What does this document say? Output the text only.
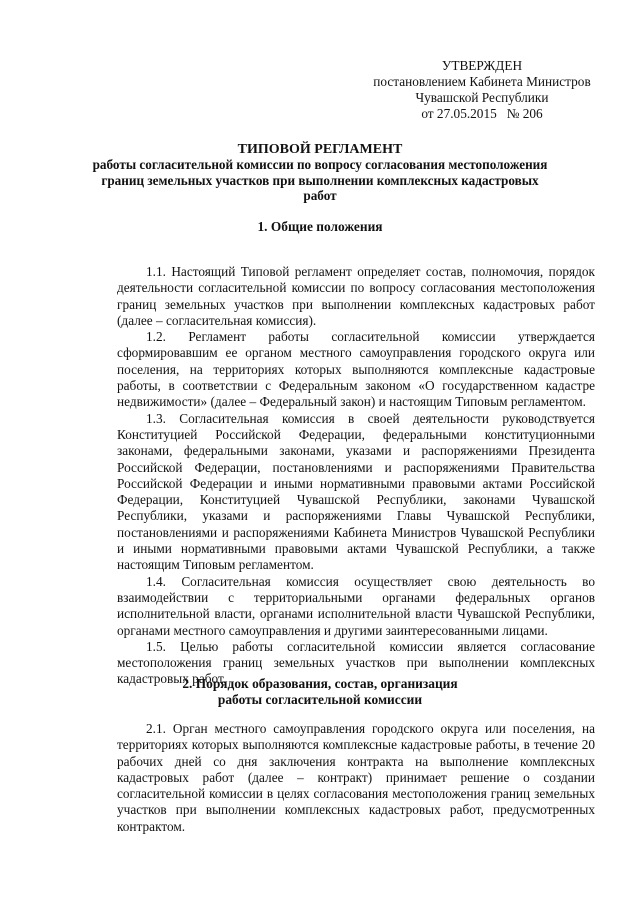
УТВЕРЖДЕН
постановлением Кабинета Министров
Чувашской Республики
от 27.05.2015   № 206
ТИПОВОЙ РЕГЛАМЕНТ
работы согласительной комиссии по вопросу согласования местоположения границ земельных участков при выполнении комплексных кадастровых работ
1. Общие положения

1.1. Настоящий Типовой регламент определяет состав, полномочия, порядок деятельности согласительной комиссии по вопросу согласования местоположения границ земельных участков при выполнении комплексных кадастровых работ (далее – согласительная комиссия).

1.2. Регламент работы согласительной комиссии утверждается сформировавшим ее органом местного самоуправления городского округа или поселения, на территориях которых выполняются комплексные кадастровые работы, в соответствии с Федеральным законом «О государственном кадастре недвижимости» (далее – Федеральный закон) и настоящим Типовым регламентом.

1.3. Согласительная комиссия в своей деятельности руководствуется Конституцией Российской Федерации, федеральными конституционными законами, федеральными законами, указами и распоряжениями Президента Российской Федерации, постановлениями и распоряжениями Правительства Российской Федерации и иными нормативными правовыми актами Российской Федерации, Конституцией Чувашской Республики, законами Чувашской Республики, указами и распоряжениями Главы Чувашской Республики, постановлениями и распоряжениями Кабинета Министров Чувашской Республики и иными нормативными правовыми актами Чувашской Республики, а также настоящим Типовым регламентом.

1.4. Согласительная комиссия осуществляет свою деятельность во взаимодействии с территориальными органами федеральных органов исполнительной власти, органами исполнительной власти Чувашской Республики, органами местного самоуправления и другими заинтересованными лицами.

1.5. Целью работы согласительной комиссии является согласование местоположения границ земельных участков при выполнении комплексных кадастровых работ.

2. Порядок образования, состав, организация работы согласительной комиссии

2.1. Орган местного самоуправления городского округа или поселения, на территориях которых выполняются комплексные кадастровые работы, в течение 20 рабочих дней со дня заключения контракта на выполнение комплексных кадастровых работ (далее – контракт) принимает решение о создании согласительной комиссии в целях согласования местоположения границ земельных участков при выполнении комплексных кадастровых работ, предусмотренных контрактом.
